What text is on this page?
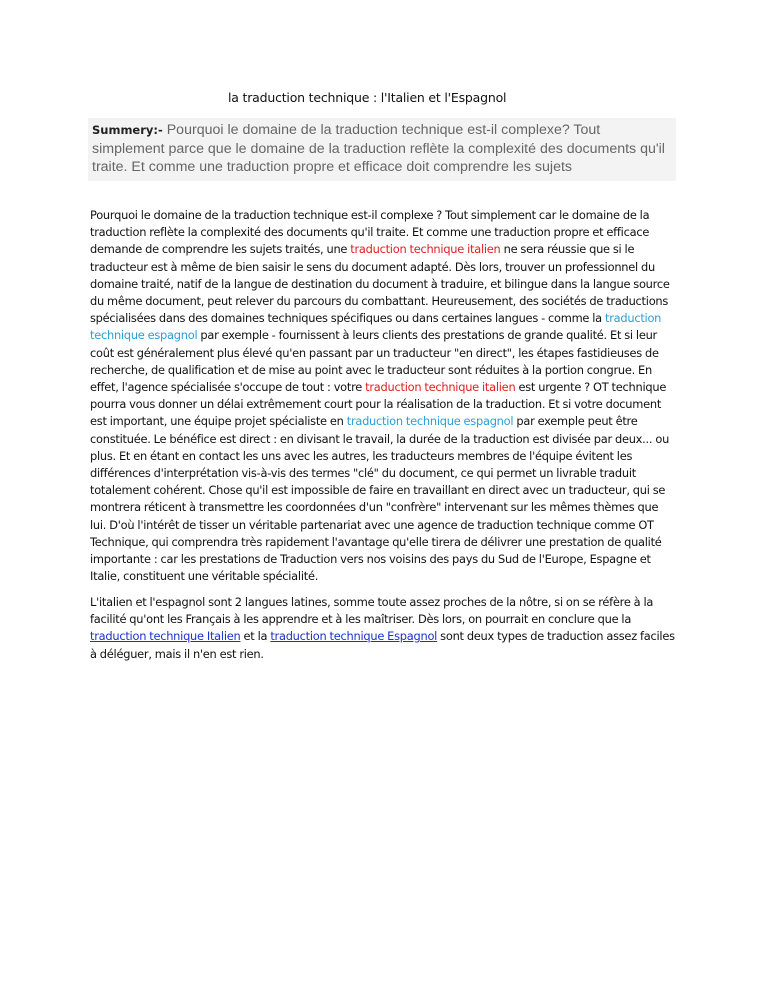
la traduction technique : l'Italien et l'Espagnol
Summery:- Pourquoi le domaine de la traduction technique est-il complexe? Tout simplement parce que le domaine de la traduction reflète la complexité des documents qu'il traite. Et comme une traduction propre et efficace doit comprendre les sujets

Pourquoi le domaine de la traduction technique est-il complexe ? Tout simplement car le domaine de la traduction reflète la complexité des documents qu'il traite. Et comme une traduction propre et efficace demande de comprendre les sujets traités, une traduction technique italien ne sera réussie que si le traducteur est à même de bien saisir le sens du document adapté. Dès lors, trouver un professionnel du domaine traité, natif de la langue de destination du document à traduire, et bilingue dans la langue source du même document, peut relever du parcours du combattant. Heureusement, des sociétés de traductions spécialisées dans des domaines techniques spécifiques ou dans certaines langues - comme la traduction technique espagnol par exemple - fournissent à leurs clients des prestations de grande qualité. Et si leur coût est généralement plus élevé qu'en passant par un traducteur "en direct", les étapes fastidieuses de recherche, de qualification et de mise au point avec le traducteur sont réduites à la portion congrue. En effet, l'agence spécialisée s'occupe de tout : votre traduction technique italien est urgente ? OT technique pourra vous donner un délai extrêmement court pour la réalisation de la traduction. Et si votre document est important, une équipe projet spécialiste en traduction technique espagnol par exemple peut être constituée. Le bénéfice est direct : en divisant le travail, la durée de la traduction est divisée par deux... ou plus. Et en étant en contact les uns avec les autres, les traducteurs membres de l'équipe évitent les différences d'interprétation vis-à-vis des termes "clé" du document, ce qui permet un livrable traduit totalement cohérent. Chose qu'il est impossible de faire en travaillant en direct avec un traducteur, qui se montrera réticent à transmettre les coordonnées d'un "confrère" intervenant sur les mêmes thèmes que lui. D'où l'intérêt de tisser un véritable partenariat avec une agence de traduction technique comme OT Technique, qui comprendra très rapidement l'avantage qu'elle tirera de délivrer une prestation de qualité importante : car les prestations de Traduction vers nos voisins des pays du Sud de l'Europe, Espagne et Italie, constituent une véritable spécialité.

L'italien et l'espagnol sont 2 langues latines, somme toute assez proches de la nôtre, si on se réfère à la facilité qu'ont les Français à les apprendre et à les maîtriser. Dès lors, on pourrait en conclure que la traduction technique Italien et la traduction technique Espagnol sont deux types de traduction assez faciles à déléguer, mais il n'en est rien.
